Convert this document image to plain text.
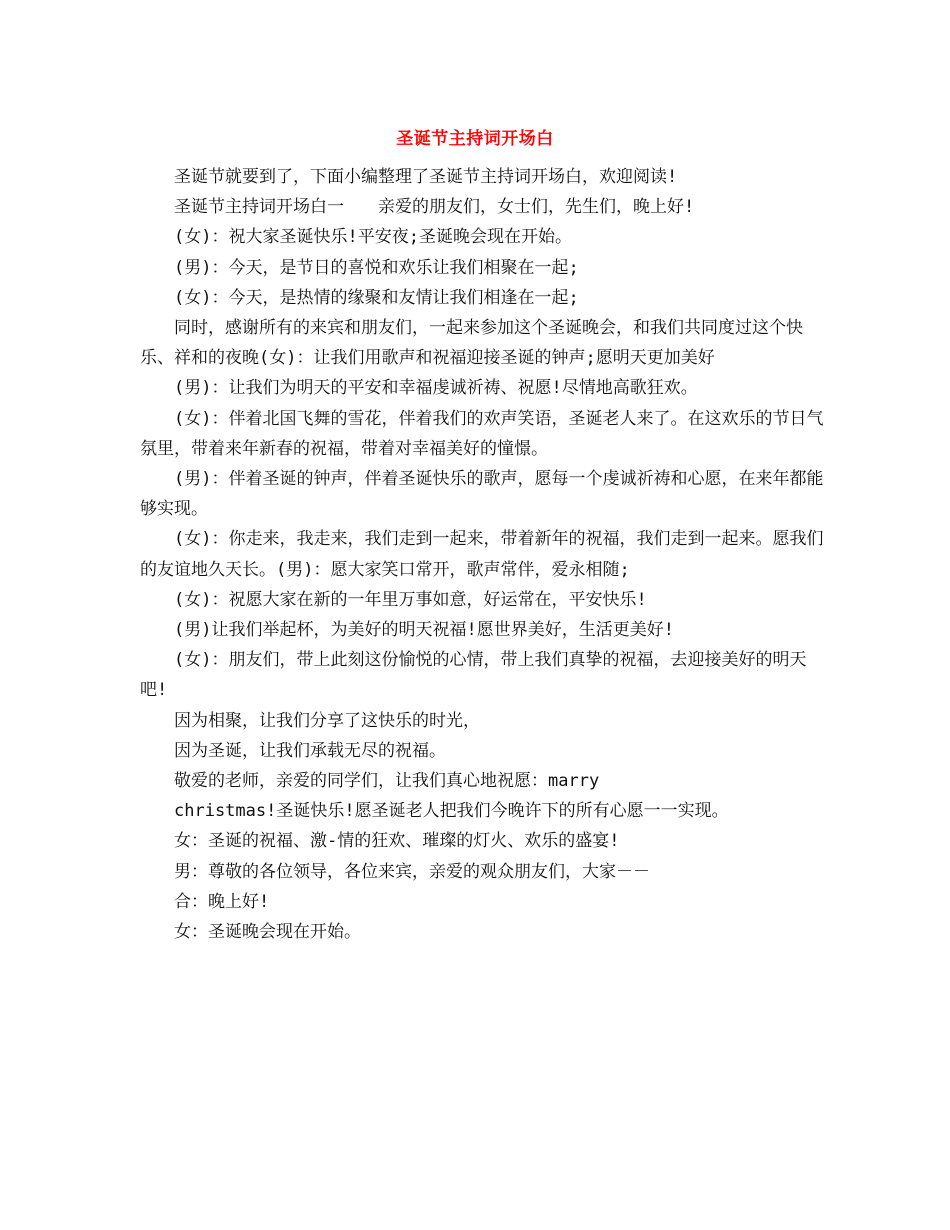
圣诞节主持词开场白

圣诞节就要到了，下面小编整理了圣诞节主持词开场白，欢迎阅读!

圣诞节主持词开场白一　　亲爱的朋友们，女士们，先生们，晚上好!

(女)：祝大家圣诞快乐!平安夜;圣诞晚会现在开始。

(男)：今天，是节日的喜悦和欢乐让我们相聚在一起;

(女)：今天，是热情的缘聚和友情让我们相逢在一起;

同时，感谢所有的来宾和朋友们，一起来参加这个圣诞晚会，和我们共同度过这个快乐、祥和的夜晚(女)：让我们用歌声和祝福迎接圣诞的钟声;愿明天更加美好

(男)：让我们为明天的平安和幸福虔诚祈祷、祝愿!尽情地高歌狂欢。

(女)：伴着北国飞舞的雪花，伴着我们的欢声笑语，圣诞老人来了。在这欢乐的节日气氛里，带着来年新春的祝福，带着对幸福美好的憧憬。

(男)：伴着圣诞的钟声，伴着圣诞快乐的歌声，愿每一个虔诚祈祷和心愿，在来年都能够实现。

(女)：你走来，我走来，我们走到一起来，带着新年的祝福，我们走到一起来。愿我们的友谊地久天长。(男)：愿大家笑口常开，歌声常伴，爱永相随;

(女)：祝愿大家在新的一年里万事如意，好运常在，平安快乐!

(男)让我们举起杯，为美好的明天祝福!愿世界美好，生活更美好!

(女)：朋友们，带上此刻这份愉悦的心情，带上我们真挚的祝福，去迎接美好的明天吧!

因为相聚，让我们分享了这快乐的时光，

因为圣诞，让我们承载无尽的祝福。

敬爱的老师，亲爱的同学们，让我们真心地祝愿：marry

christmas!圣诞快乐!愿圣诞老人把我们今晚许下的所有心愿一一实现。

女：圣诞的祝福、激-情的狂欢、璀璨的灯火、欢乐的盛宴!

男：尊敬的各位领导，各位来宾，亲爱的观众朋友们，大家－－

合：晚上好!

女：圣诞晚会现在开始。
